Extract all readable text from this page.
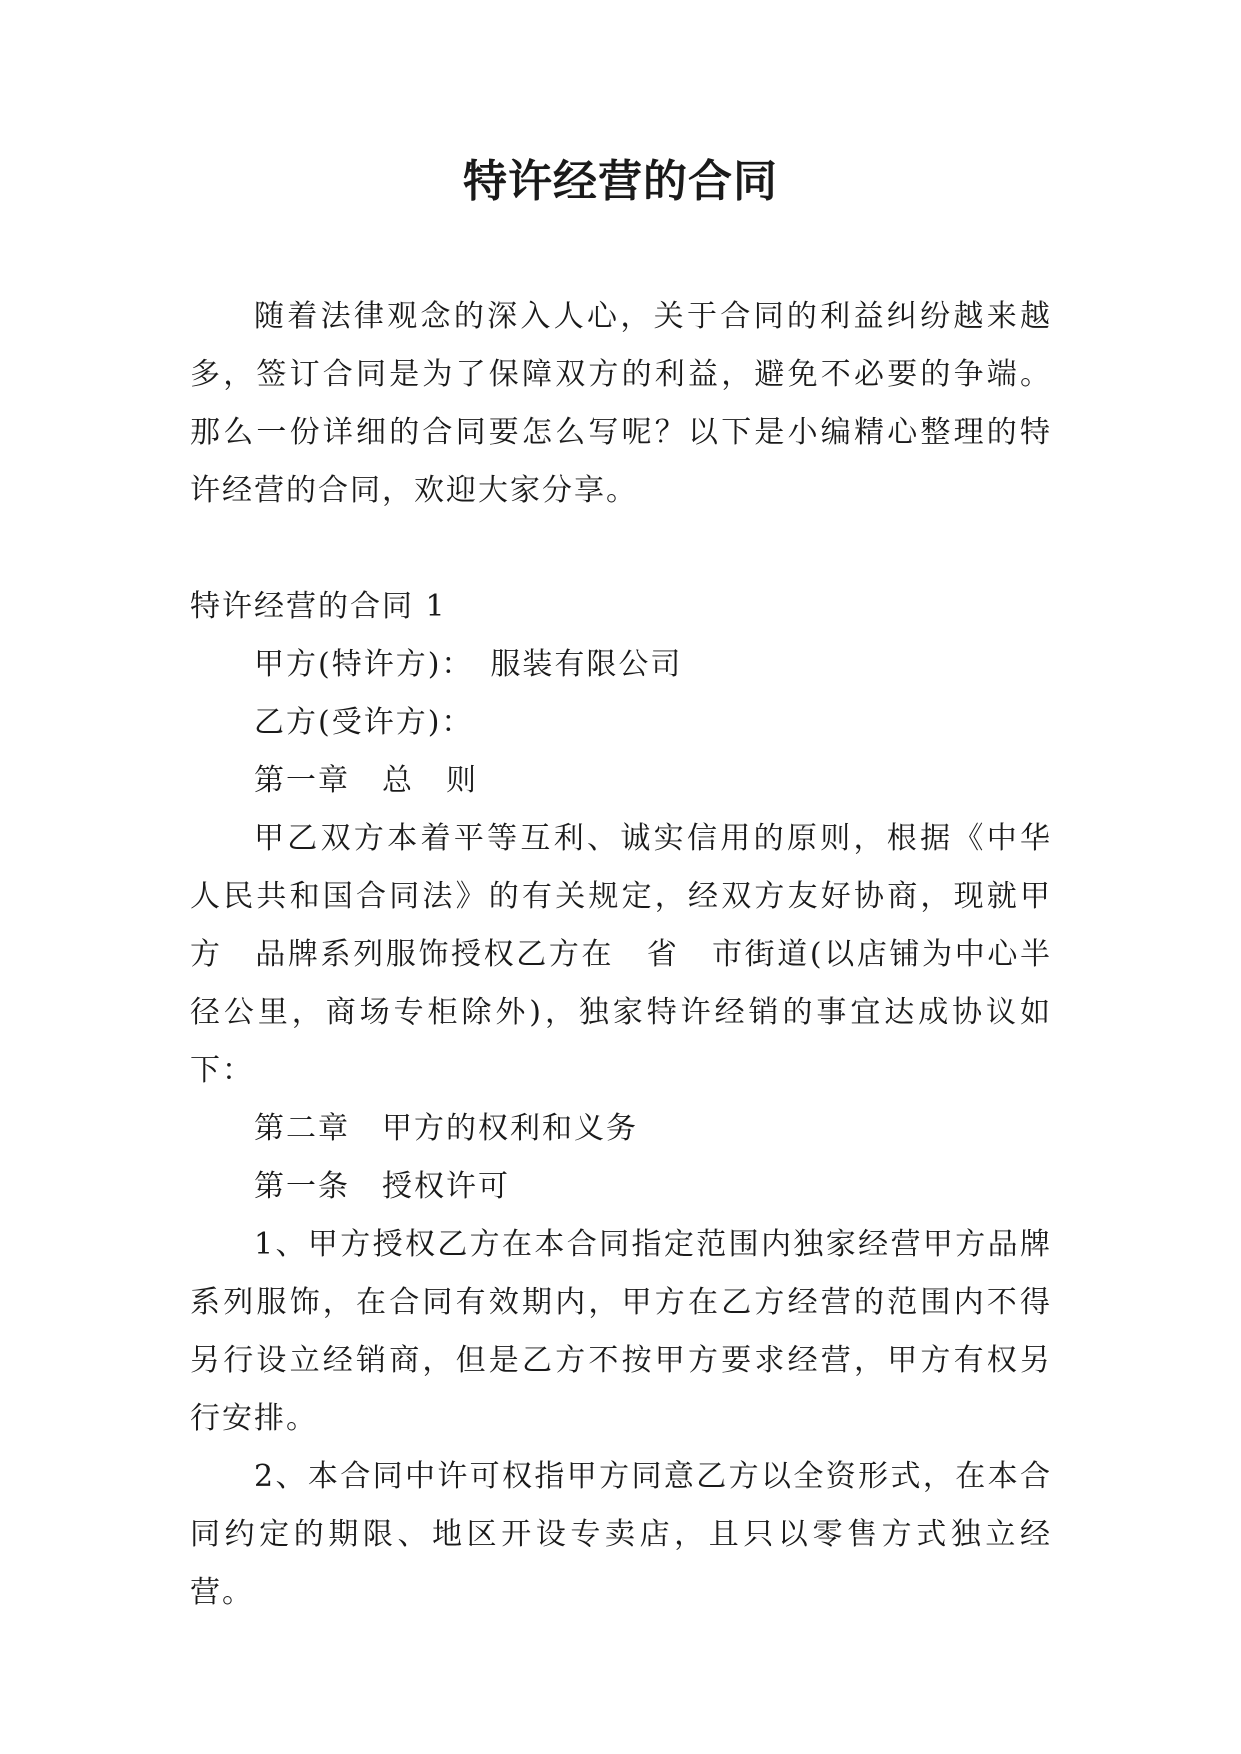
特许经营的合同

随着法律观念的深入人心，关于合同的利益纠纷越来越多，签订合同是为了保障双方的利益，避免不必要的争端。那么一份详细的合同要怎么写呢？以下是小编精心整理的特许经营的合同，欢迎大家分享。

特许经营的合同 1

甲方(特许方)：　服装有限公司

乙方(受许方)：

第一章　总　则

甲乙双方本着平等互利、诚实信用的原则，根据《中华人民共和国合同法》的有关规定，经双方友好协商，现就甲方　品牌系列服饰授权乙方在　省　市街道(以店铺为中心半径公里，商场专柜除外)，独家特许经销的事宜达成协议如下：

第二章　甲方的权利和义务

第一条　授权许可

1、甲方授权乙方在本合同指定范围内独家经营甲方品牌系列服饰，在合同有效期内，甲方在乙方经营的范围内不得另行设立经销商，但是乙方不按甲方要求经营，甲方有权另行安排。

2、本合同中许可权指甲方同意乙方以全资形式，在本合同约定的期限、地区开设专卖店，且只以零售方式独立经营。
